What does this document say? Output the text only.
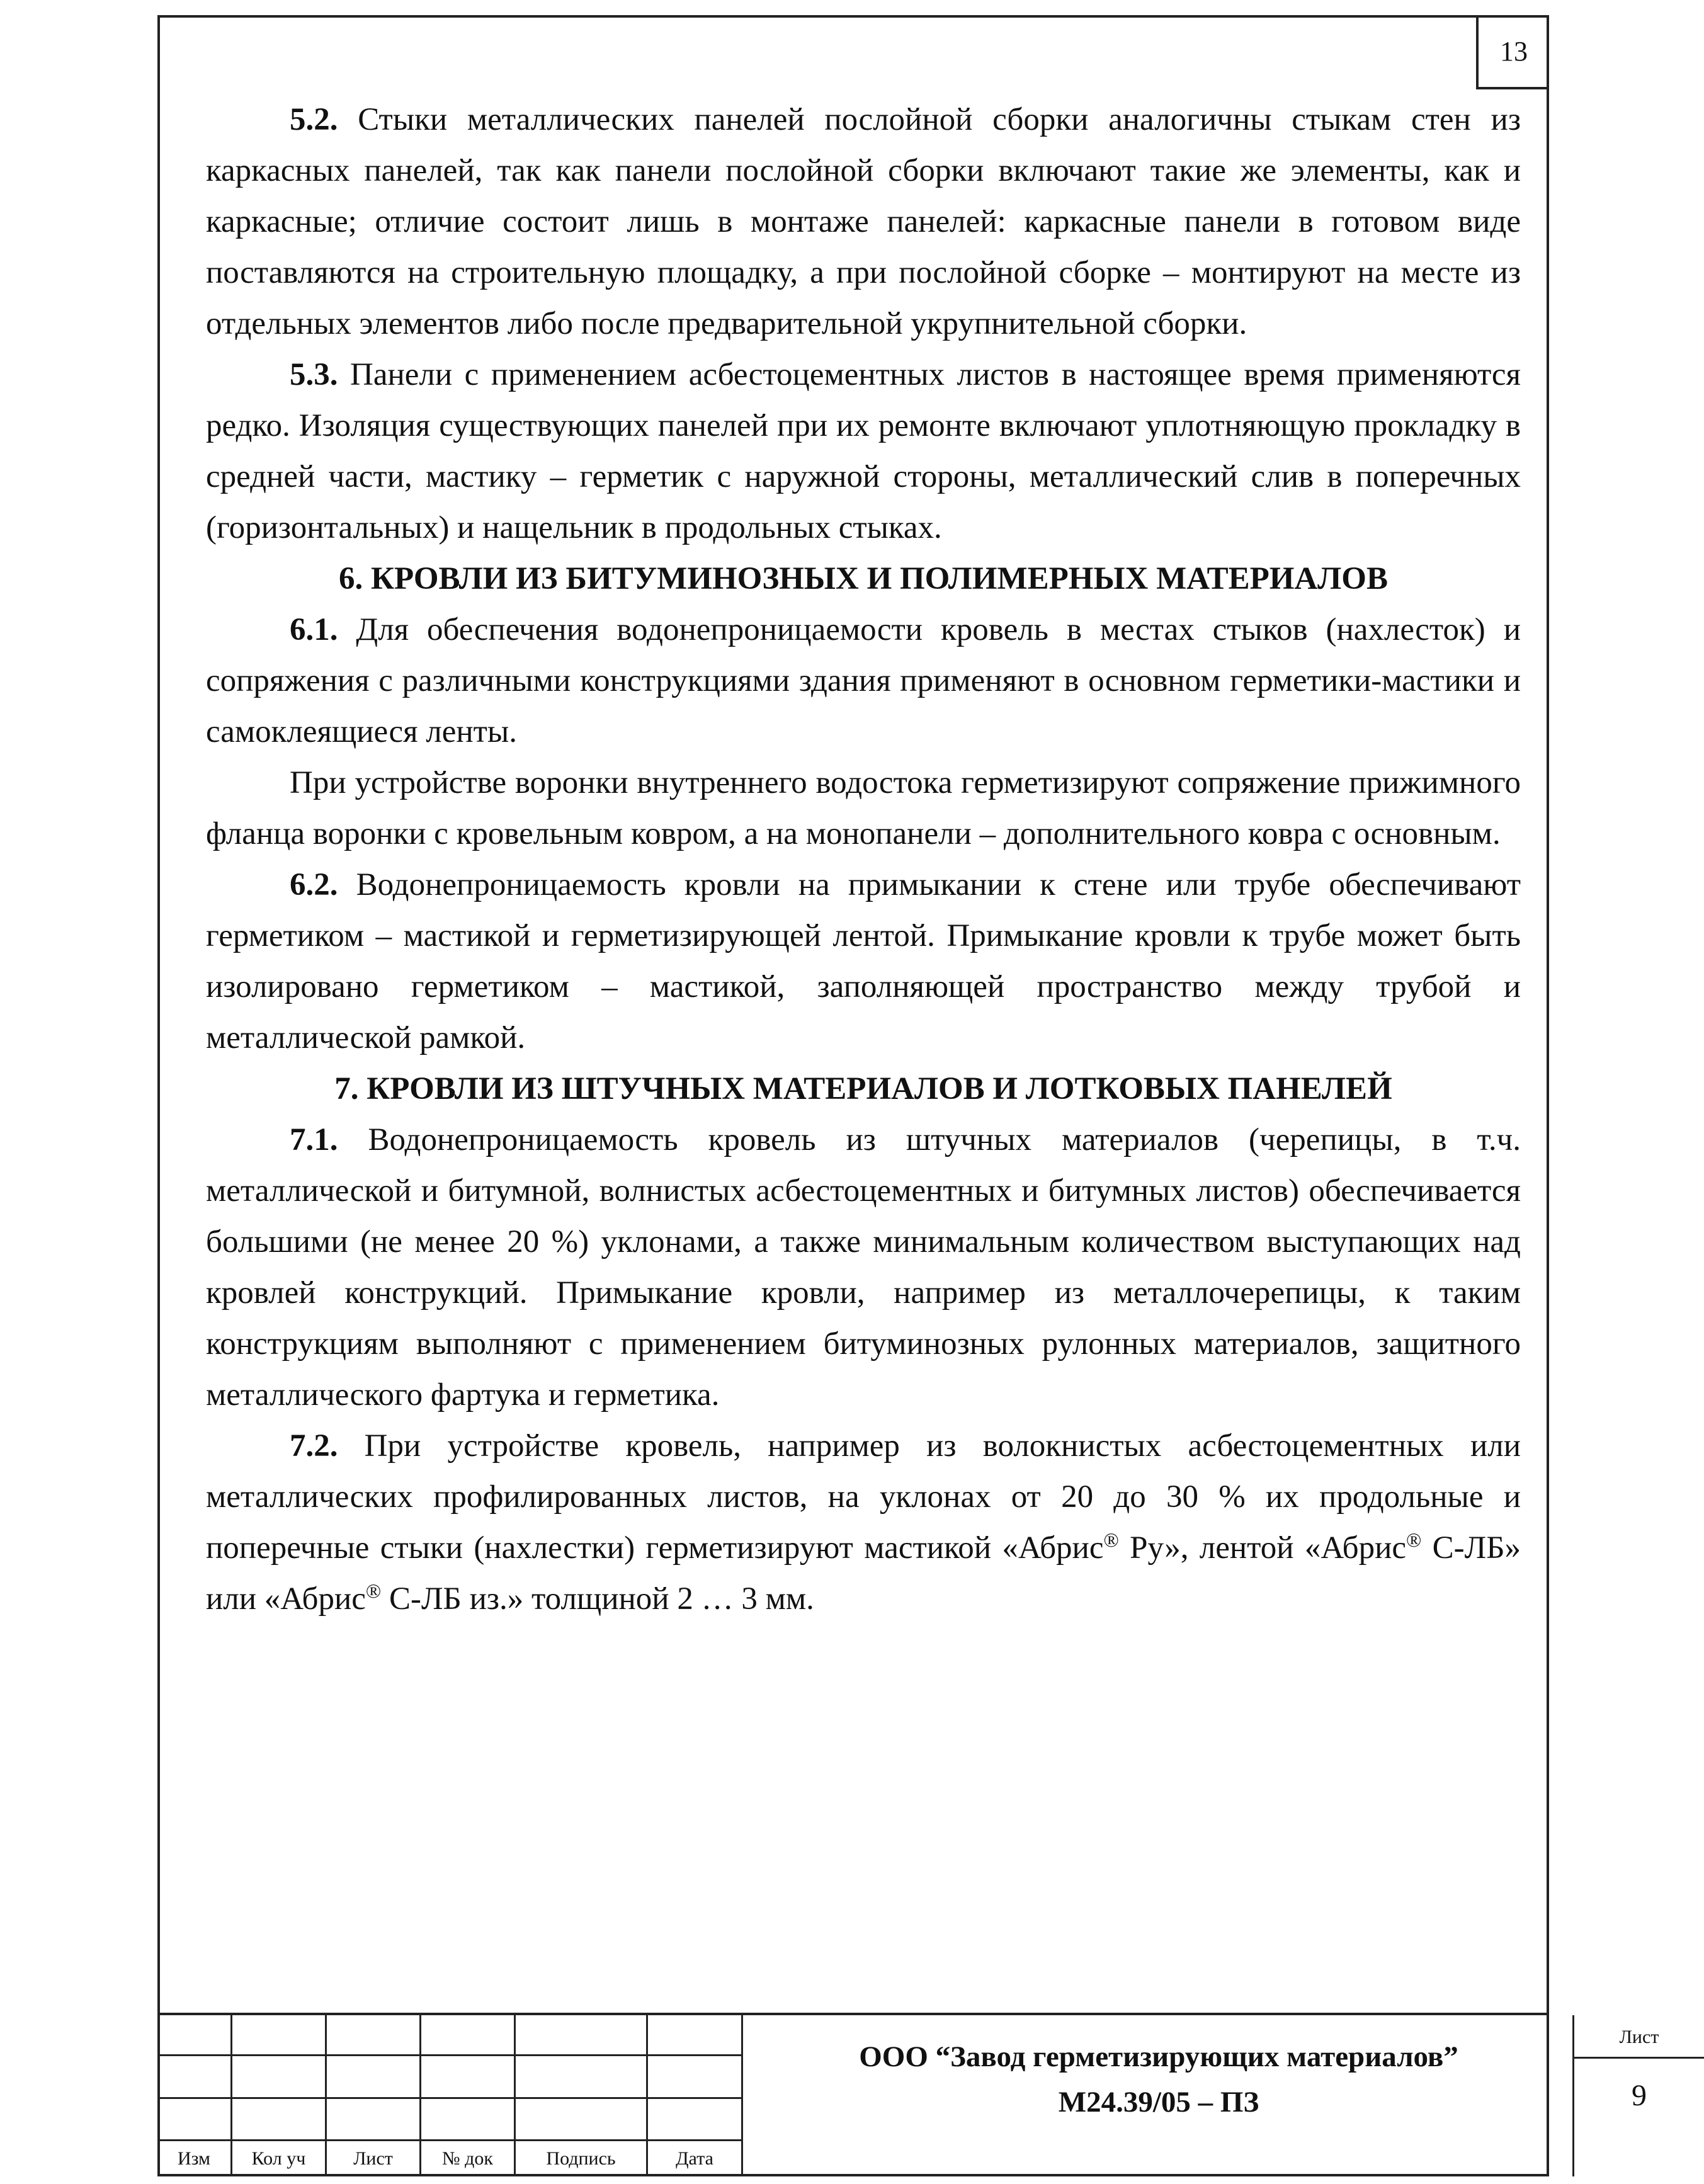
13

5.2. Стыки металлических панелей послойной сборки аналогичны стыкам стен из каркасных панелей, так как панели послойной сборки включают такие же элементы, как и каркасные; отличие состоит лишь в монтаже панелей: каркасные панели в готовом виде поставляются на строительную площадку, а при послойной сборке – монтируют на месте из отдельных элементов либо после предварительной укрупнительной сборки.

5.3. Панели с применением асбестоцементных листов в настоящее время применяются редко. Изоляция существующих панелей при их ремонте включают уплотняющую прокладку в средней части, мастику – герметик с наружной стороны, металлический слив в поперечных (горизонтальных) и нащельник в продольных стыках.

6. КРОВЛИ ИЗ БИТУМИНОЗНЫХ И ПОЛИМЕРНЫХ МАТЕРИАЛОВ

6.1. Для обеспечения водонепроницаемости кровель в местах стыков (нахлесток) и сопряжения с различными конструкциями здания применяют в основном герметики-мастики и самоклеящиеся ленты.

При устройстве воронки внутреннего водостока герметизируют сопряжение прижимного фланца воронки с кровельным ковром, а на монопанели – дополнительного ковра с основным.

6.2. Водонепроницаемость кровли на примыкании к стене или трубе обеспечивают герметиком – мастикой и герметизирующей лентой. Примыкание кровли к трубе может быть изолировано герметиком – мастикой, заполняющей пространство между трубой и металлической рамкой.

7. КРОВЛИ ИЗ ШТУЧНЫХ МАТЕРИАЛОВ И ЛОТКОВЫХ ПАНЕЛЕЙ

7.1. Водонепроницаемость кровель из штучных материалов (черепицы, в т.ч. металлической и битумной, волнистых асбестоцементных и битумных листов) обеспечивается большими (не менее 20 %) уклонами, а также минимальным количеством выступающих над кровлей конструкций. Примыкание кровли, например из металлочерепицы, к таким конструкциям выполняют с применением битуминозных рулонных материалов, защитного металлического фартука и герметика.

7.2. При устройстве кровель, например из волокнистых асбестоцементных или металлических профилированных листов, на уклонах от 20 до 30 % их продольные и поперечные стыки (нахлестки) герметизируют мастикой «Абрис® Ру», лентой «Абрис® С-ЛБ» или «Абрис® С-ЛБ из.» толщиной 2 … 3 мм.

Изм	Кол уч	Лист	№ док	Подпись	Дата
ООО “Завод герметизирующих материалов”
М24.39/05 – ПЗ
Лист
9
